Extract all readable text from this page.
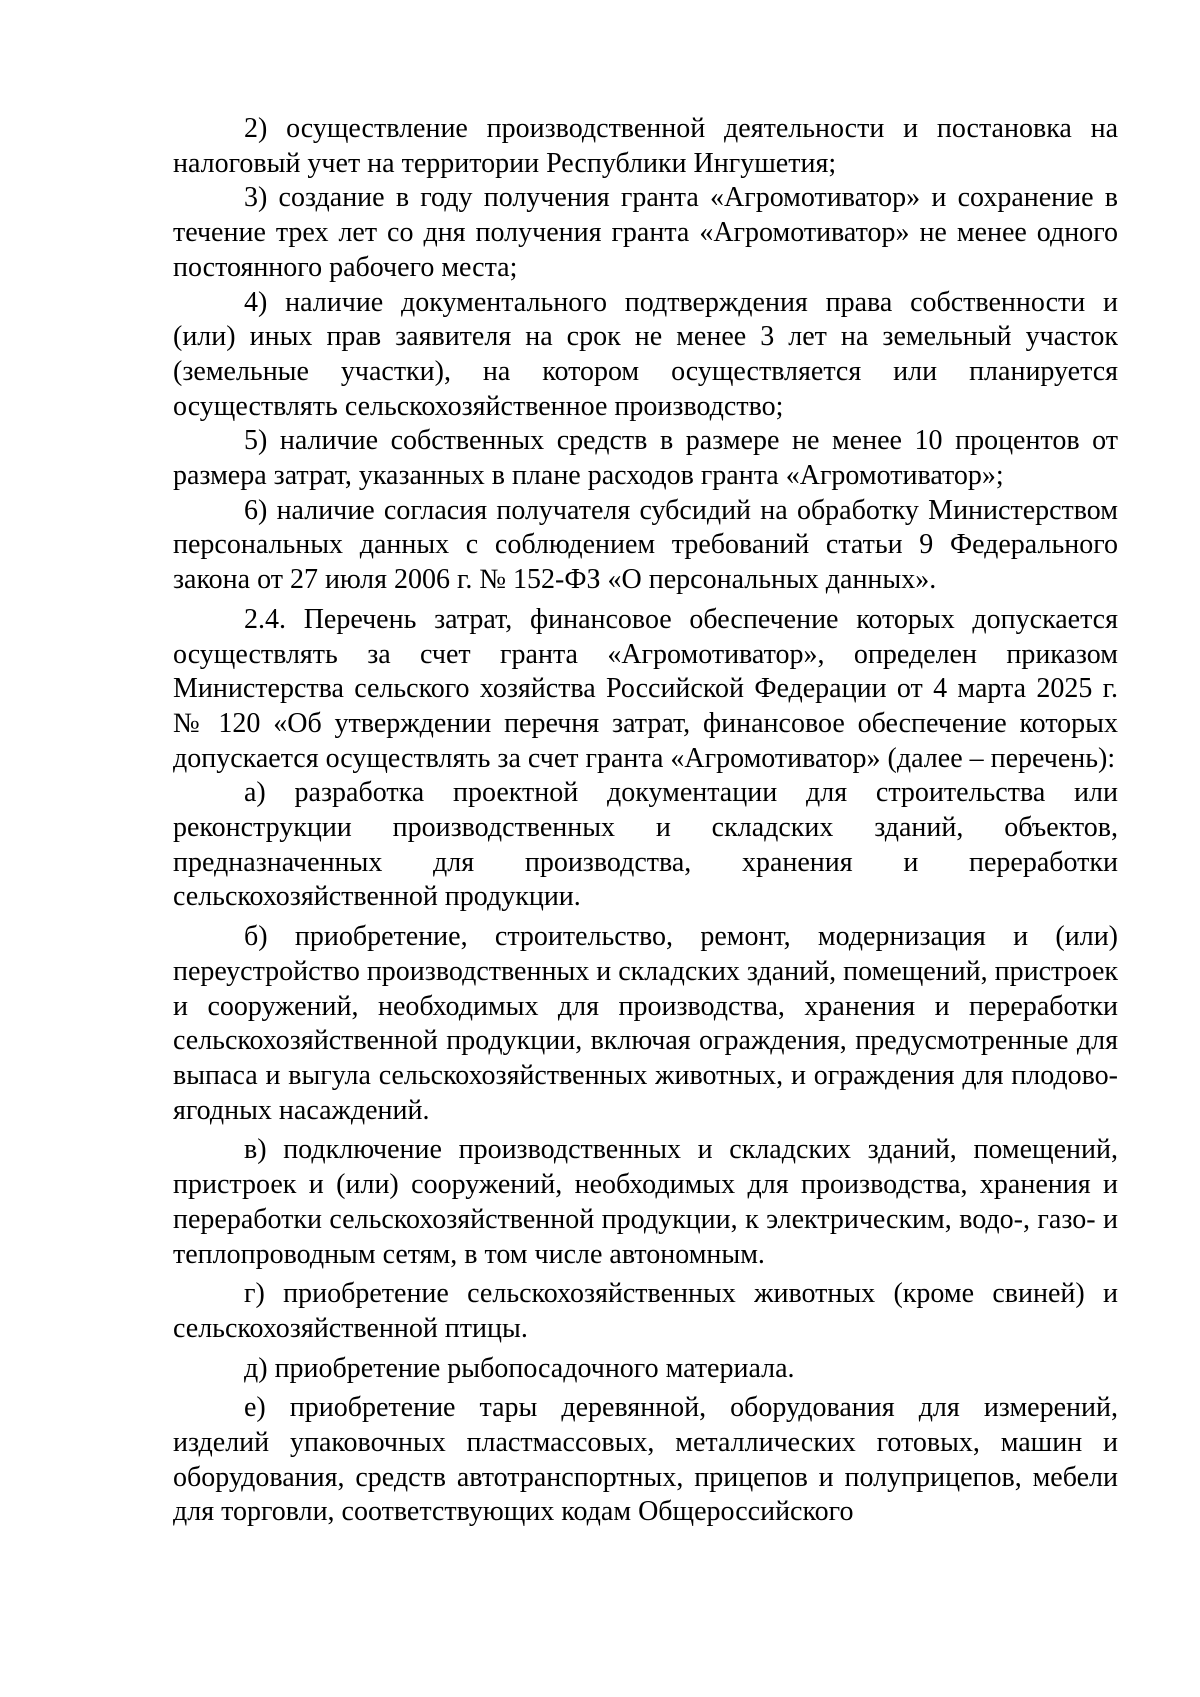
2) осуществление производственной деятельности и постановка на налоговый учет на территории Республики Ингушетия;

3) создание в году получения гранта «Агромотиватор» и сохранение в течение трех лет со дня получения гранта «Агромотиватор» не менее одного постоянного рабочего места;

4) наличие документального подтверждения права собственности и (или) иных прав заявителя на срок не менее 3 лет на земельный участок (земельные участки), на котором осуществляется или планируется осуществлять сельскохозяйственное производство;

5) наличие собственных средств в размере не менее 10 процентов от размера затрат, указанных в плане расходов гранта «Агромотиватор»;

6) наличие согласия получателя субсидий на обработку Министерством персональных данных с соблюдением требований статьи 9 Федерального закона от 27 июля 2006 г. № 152-ФЗ «О персональных данных».

2.4. Перечень затрат, финансовое обеспечение которых допускается осуществлять за счет гранта «Агромотиватор», определен приказом Министерства сельского хозяйства Российской Федерации от 4 марта 2025 г. № 120 «Об утверждении перечня затрат, финансовое обеспечение которых допускается осуществлять за счет гранта «Агромотиватор» (далее – перечень):

а) разработка проектной документации для строительства или реконструкции производственных и складских зданий, объектов, предназначенных для производства, хранения и переработки сельскохозяйственной продукции.

б) приобретение, строительство, ремонт, модернизация и (или) переустройство производственных и складских зданий, помещений, пристроек и сооружений, необходимых для производства, хранения и переработки сельскохозяйственной продукции, включая ограждения, предусмотренные для выпаса и выгула сельскохозяйственных животных, и ограждения для плодово-ягодных насаждений.

в) подключение производственных и складских зданий, помещений, пристроек и (или) сооружений, необходимых для производства, хранения и переработки сельскохозяйственной продукции, к электрическим, водо-, газо- и теплопроводным сетям, в том числе автономным.

г) приобретение сельскохозяйственных животных (кроме свиней) и сельскохозяйственной птицы.

д) приобретение рыбопосадочного материала.

е) приобретение тары деревянной, оборудования для измерений, изделий упаковочных пластмассовых, металлических готовых, машин и оборудования, средств автотранспортных, прицепов и полуприцепов, мебели для торговли, соответствующих кодам Общероссийского
